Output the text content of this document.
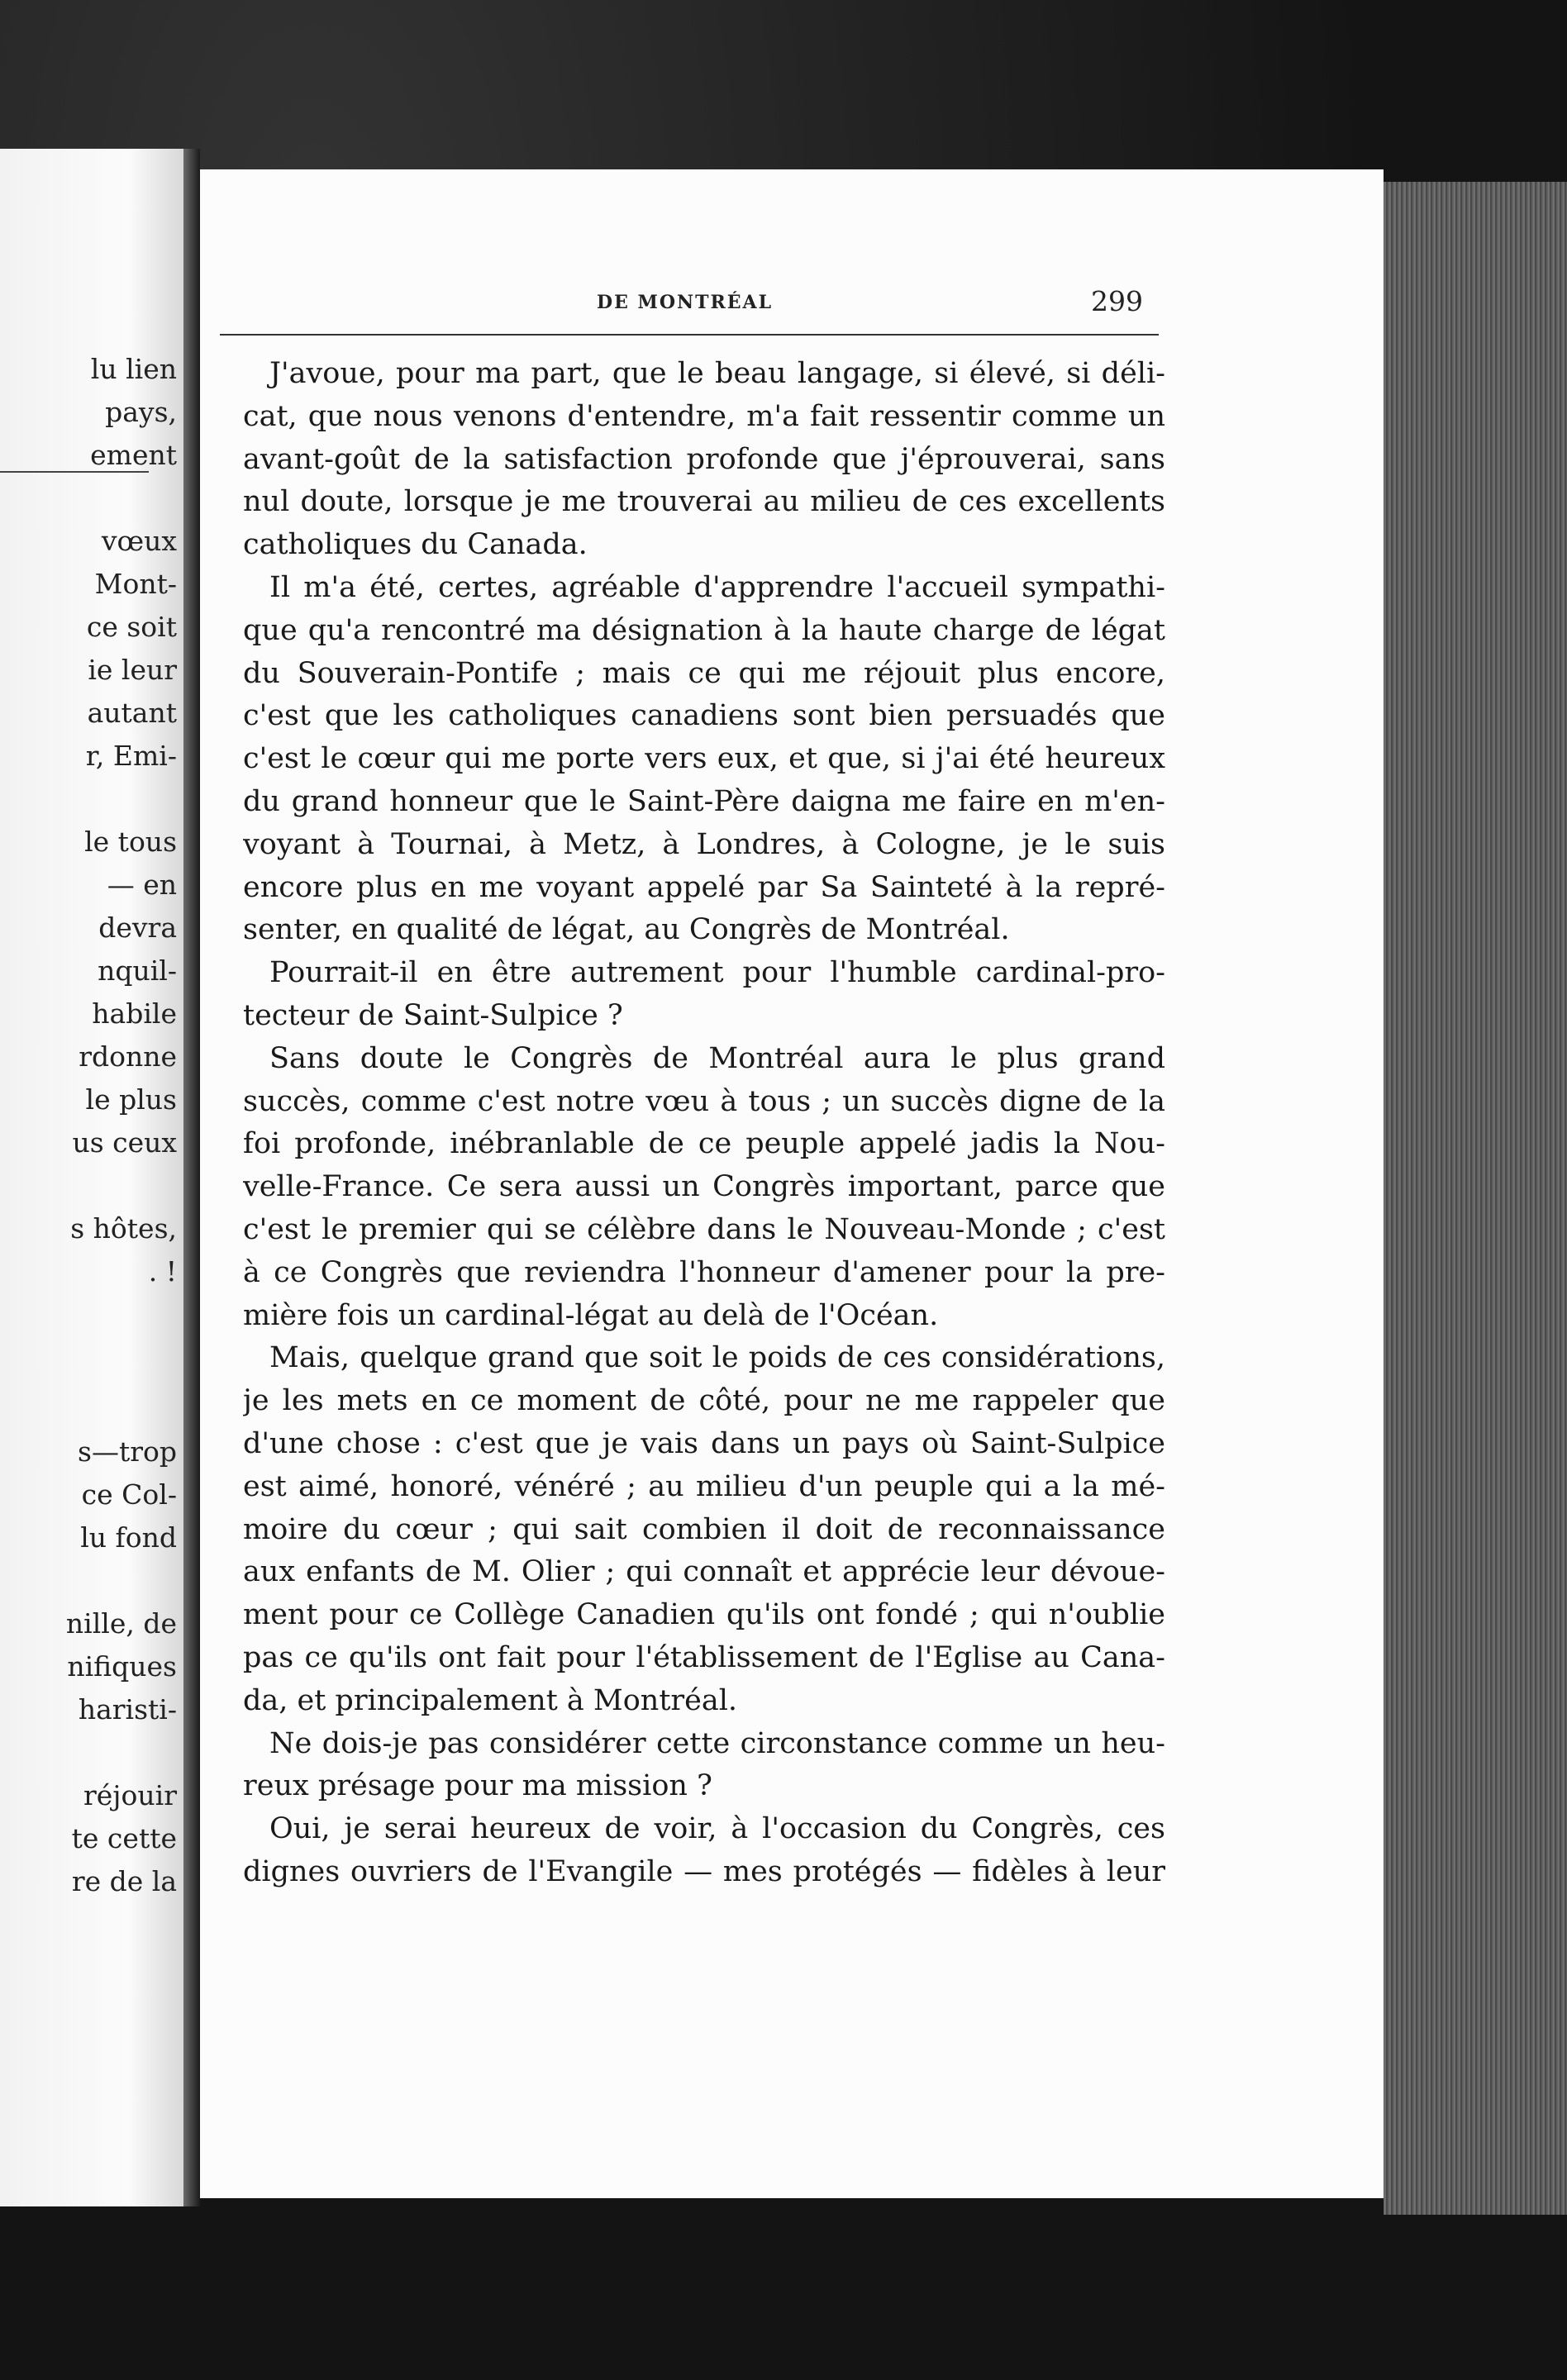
lu lien
pays,
ement
vœux
Mont-
ce soit
ie leur
autant
r, Emi-
le tous
— en
devra
nquil-
habile
rdonne
le plus
us ceux
s hôtes,
. !
s—trop
ce Col-
lu fond
nille, de
nifiques
haristi-
réjouir
te cette
re de la
DE MONTRÉAL	299
J'avoue, pour ma part, que le beau langage, si élevé, si déli-
cat, que nous venons d'entendre, m'a fait ressentir comme un
avant-goût de la satisfaction profonde que j'éprouverai, sans
nul doute, lorsque je me trouverai au milieu de ces excellents
catholiques du Canada.
Il m'a été, certes, agréable d'apprendre l'accueil sympathi-
que qu'a rencontré ma désignation à la haute charge de légat
du Souverain-Pontife ; mais ce qui me réjouit plus encore,
c'est que les catholiques canadiens sont bien persuadés que
c'est le cœur qui me porte vers eux, et que, si j'ai été heureux
du grand honneur que le Saint-Père daigna me faire en m'en-
voyant à Tournai, à Metz, à Londres, à Cologne, je le suis
encore plus en me voyant appelé par Sa Sainteté à la repré-
senter, en qualité de légat, au Congrès de Montréal.
Pourrait-il en être autrement pour l'humble cardinal-pro-
tecteur de Saint-Sulpice ?
Sans doute le Congrès de Montréal aura le plus grand
succès, comme c'est notre vœu à tous ; un succès digne de la
foi profonde, inébranlable de ce peuple appelé jadis la Nou-
velle-France. Ce sera aussi un Congrès important, parce que
c'est le premier qui se célèbre dans le Nouveau-Monde ; c'est
à ce Congrès que reviendra l'honneur d'amener pour la pre-
mière fois un cardinal-légat au delà de l'Océan.
Mais, quelque grand que soit le poids de ces considérations,
je les mets en ce moment de côté, pour ne me rappeler que
d'une chose : c'est que je vais dans un pays où Saint-Sulpice
est aimé, honoré, vénéré ; au milieu d'un peuple qui a la mé-
moire du cœur ; qui sait combien il doit de reconnaissance
aux enfants de M. Olier ; qui connaît et apprécie leur dévoue-
ment pour ce Collège Canadien qu'ils ont fondé ; qui n'oublie
pas ce qu'ils ont fait pour l'établissement de l'Eglise au Cana-
da, et principalement à Montréal.
Ne dois-je pas considérer cette circonstance comme un heu-
reux présage pour ma mission ?
Oui, je serai heureux de voir, à l'occasion du Congrès, ces
dignes ouvriers de l'Evangile — mes protégés — fidèles à leur
